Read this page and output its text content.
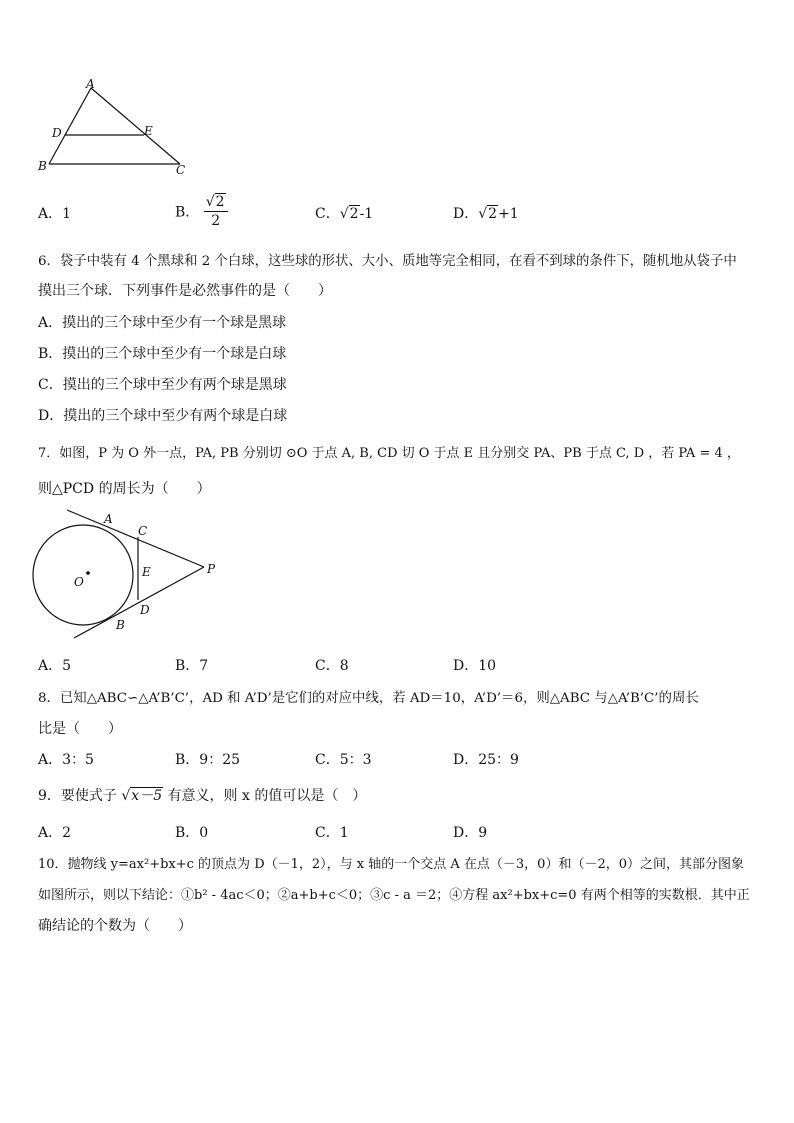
A
D	E
B	C
A．1	B． $\frac{√2}{2}$	C．√2-1	D．√2+1
6．袋子中装有 4 个黑球和 2 个白球，这些球的形状、大小、质地等完全相同，在看不到球的条件下，随机地从袋子中
摸出三个球．下列事件是必然事件的是（　　）
A．摸出的三个球中至少有一个球是黑球
B．摸出的三个球中至少有一个球是白球
C．摸出的三个球中至少有两个球是黑球
D．摸出的三个球中至少有两个球是白球
7．如图，P 为 O 外一点，PA, PB 分别切 ⊙O 于点 A, B, CD 切 O 于点 E 且分别交 PA、PB 于点 C, D ，若 PA = 4 ，
则△PCD 的周长为（　　）
A
C
E	P
O
D
B
A．5	B．7	C．8	D．10
8．已知△ABC∽△A’B’C’，AD 和 A’D’是它们的对应中线，若 AD＝10，A’D’＝6，则△ABC 与△A’B’C’的周长
比是（　　）
A．3：5	B．9：25	C．5：3	D．25：9
9．要使式子 √x－5 有意义，则 x 的值可以是（　）
A．2	B．0	C．1	D．9
10．抛物线 y=ax²+bx+c 的顶点为 D（－1，2），与 x 轴的一个交点 A 在点（－3，0）和（－2，0）之间，其部分图象
如图所示，则以下结论：①b² - 4ac＜0；②a+b+c＜0；③c - a ＝2；④方程 ax²+bx+c=0 有两个相等的实数根．其中正
确结论的个数为（　　）
